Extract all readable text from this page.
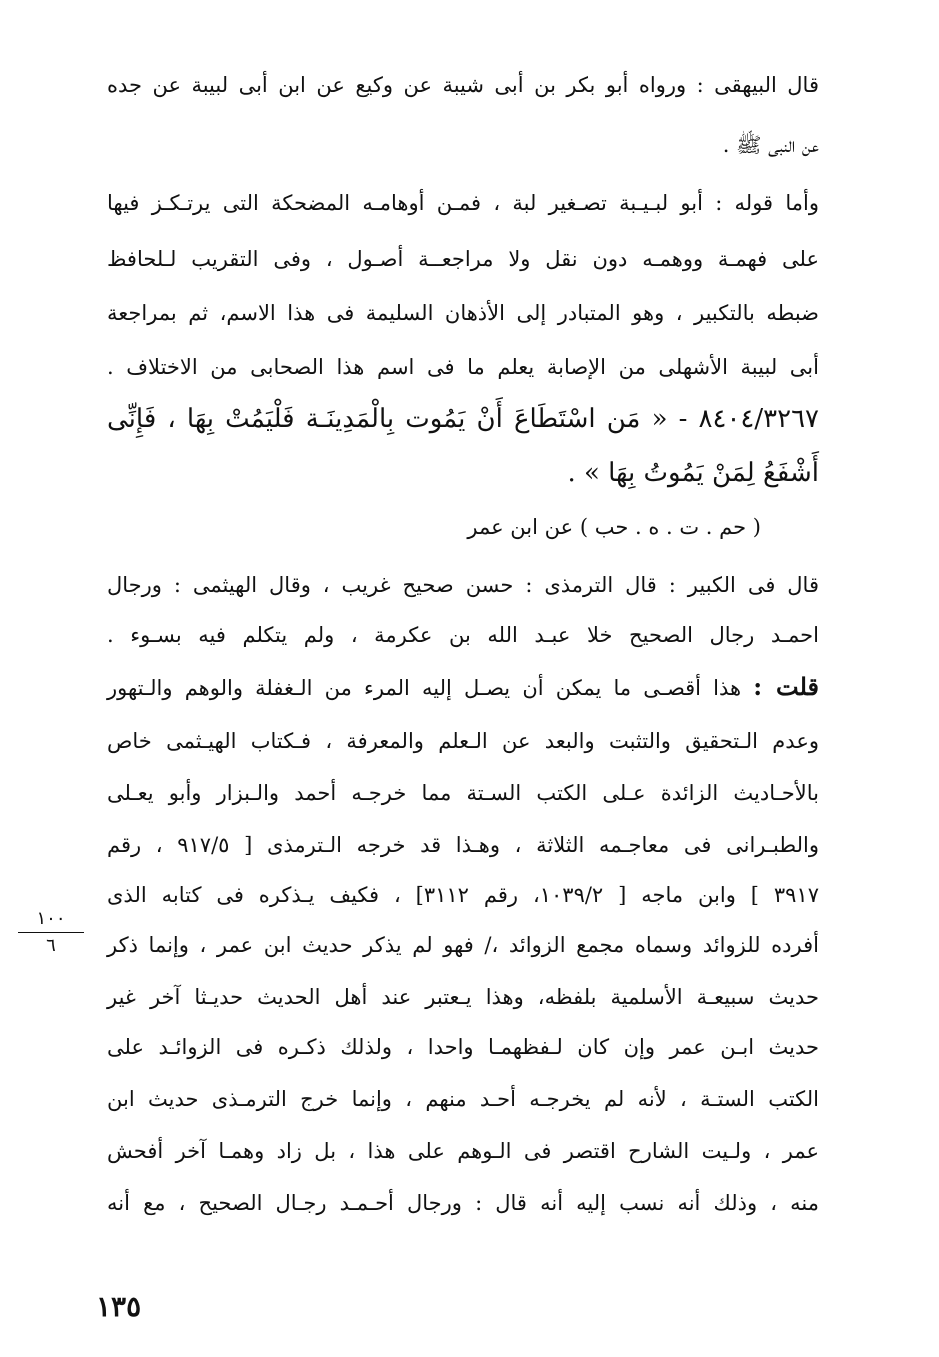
قال البيهقى : ورواه أبو بكر بن أبى شيبة عن وكيع عن ابن أبى لبيبة عن جده
عن النبى ﷺ .
وأما قوله : أبو لبـيـبة تصـغير لبة ، فمـن أوهامـه المضحكة التى يرتـكـز فيها
على فهمـة ووهمـه دون نقل ولا مراجعــة أصـول ، وفى التقريب لـلحافظ
ضبطه بالتكبير ، وهو المتبادر إلى الأذهان السليمة فى هذا الاسم، ثم بمراجعة
أبى لبيبة الأشهلى من الإصابة يعلم ما فى اسم هذا الصحابى من الاختلاف .
٨٤٠٤/٣٢٦٧ - « مَن اسْتَطَاعَ أَنْ يَمُوت بِالْمَدِينَـة فَلْيَمُتْ بِهَا ، فَإِنِّى
أَشْفَعُ لِمَنْ يَمُوتُ بِهَا » .
( حم . ت . ه . حب ) عن ابن عمر
قال فى الكبير : قال الترمذى : حسن صحيح غريب ، وقال الهيثمى : ورجال
احمـد رجال الصحيح خلا عبـد الله بن عكرمة ، ولم يتكلم فيه بسـوء .
قلت : هذا أقصـى ما يمكن أن يصـل إليه المرء من الـغفلة والوهم والـتهور
وعدم الـتحقيق والتثبت والبعد عن الـعلم والمعرفة ، فـكتاب الهيـثمى خاص
بالأحـاديث الزائدة عـلى الكتب السـتة مما خرجـه أحمد والـبزار وأبو يعـلى
والطبـرانى فى معاجـمه الثلاثة ، وهـذا قد خرجه الـترمذى [ ٩١٧/٥ ، رقم
٣٩١٧ ] وابن ماجه [ ١٠٣٩/٢، رقم ٣١١٢] ، فكيف يـذكره فى كتابه الذى
أفرده للزوائد وسماه مجمع الزوائد ،/ فهو لم يذكر حديث ابن عمر ، وإنما ذكر
حديث سبيعـة الأسلمية بلفظه، وهذا يـعتبر عند أهل الحديث حديـثا آخر غير
حديث ابـن عمر وإن كان لـفظهمـا واحدا ، ولذلك ذكـره فى الزوائـد على
الكتب الستـة ، لأنه لم يخرجـه أحـد منهم ، وإنما خرج الترمـذى حديث ابن
عمر ، ولـيت الشارح اقتصر فى الـوهم على هذا ، بل زاد وهمـا آخر أفحش
منه ، وذلك أنه نسب إليه أنه قال : ورجال أحـمـد رجـال الصحيح ، مع أنه
١٠٠
٦
١٣٥
